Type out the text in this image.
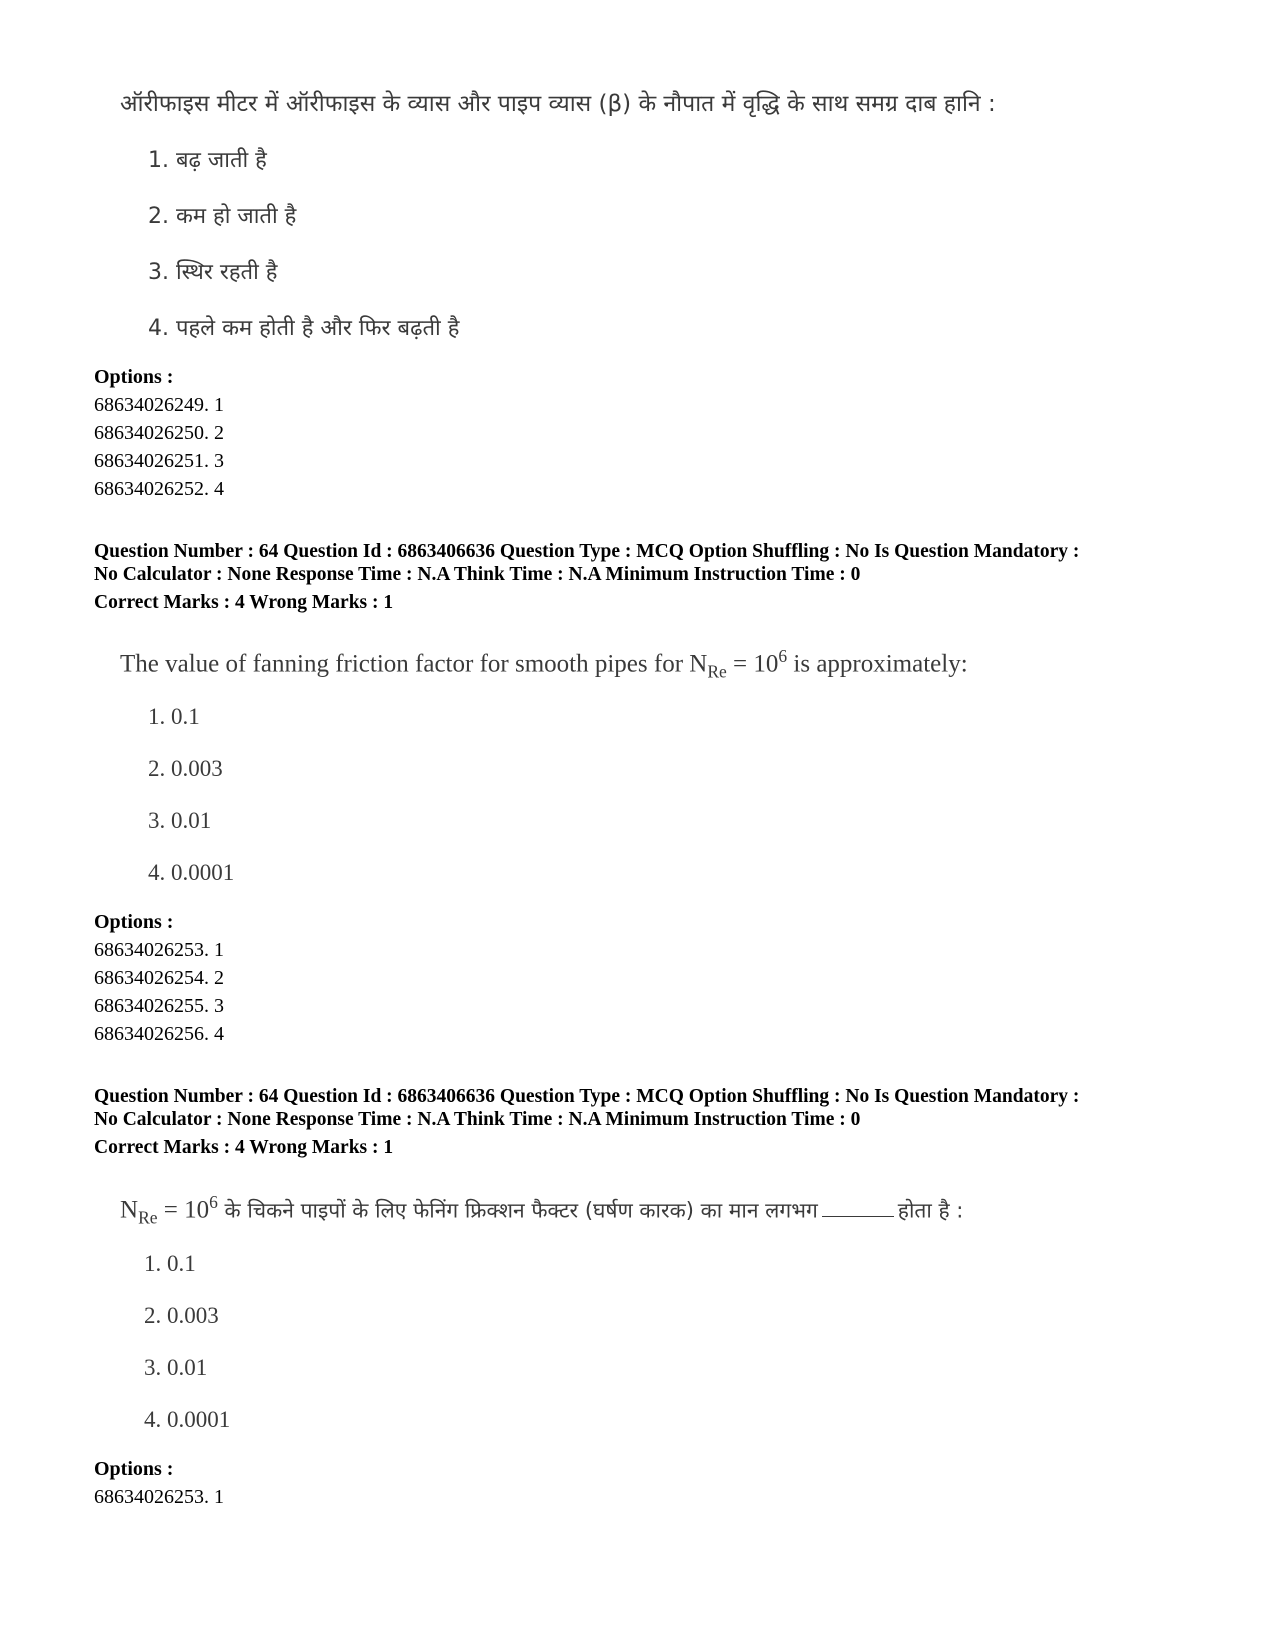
ऑरीफाइस मीटर में ऑरीफाइस के व्यास और पाइप व्यास (β) के नौपात में वृद्धि के साथ समग्र दाब हानि :
1. बढ़ जाती है
2. कम हो जाती है
3. स्थिर रहती है
4. पहले कम होती है और फिर बढ़ती है
Options :
68634026249. 1
68634026250. 2
68634026251. 3
68634026252. 4
Question Number : 64 Question Id : 6863406636 Question Type : MCQ Option Shuffling : No Is Question Mandatory :
No Calculator : None Response Time : N.A Think Time : N.A Minimum Instruction Time : 0
Correct Marks : 4 Wrong Marks : 1
The value of fanning friction factor for smooth pipes for $N_{Re} = 10^6$ is approximately:
1. 0.1
2. 0.003
3. 0.01
4. 0.0001
Options :
68634026253. 1
68634026254. 2
68634026255. 3
68634026256. 4
Question Number : 64 Question Id : 6863406636 Question Type : MCQ Option Shuffling : No Is Question Mandatory :
No Calculator : None Response Time : N.A Think Time : N.A Minimum Instruction Time : 0
Correct Marks : 4 Wrong Marks : 1
$N_{Re} = 10^6$ के चिकने पाइपों के लिए फेनिंग फ्रिक्शन फैक्टर (घर्षण कारक) का मान लगभग	होता है :
1. 0.1
2. 0.003
3. 0.01
4. 0.0001
Options :
68634026253. 1
